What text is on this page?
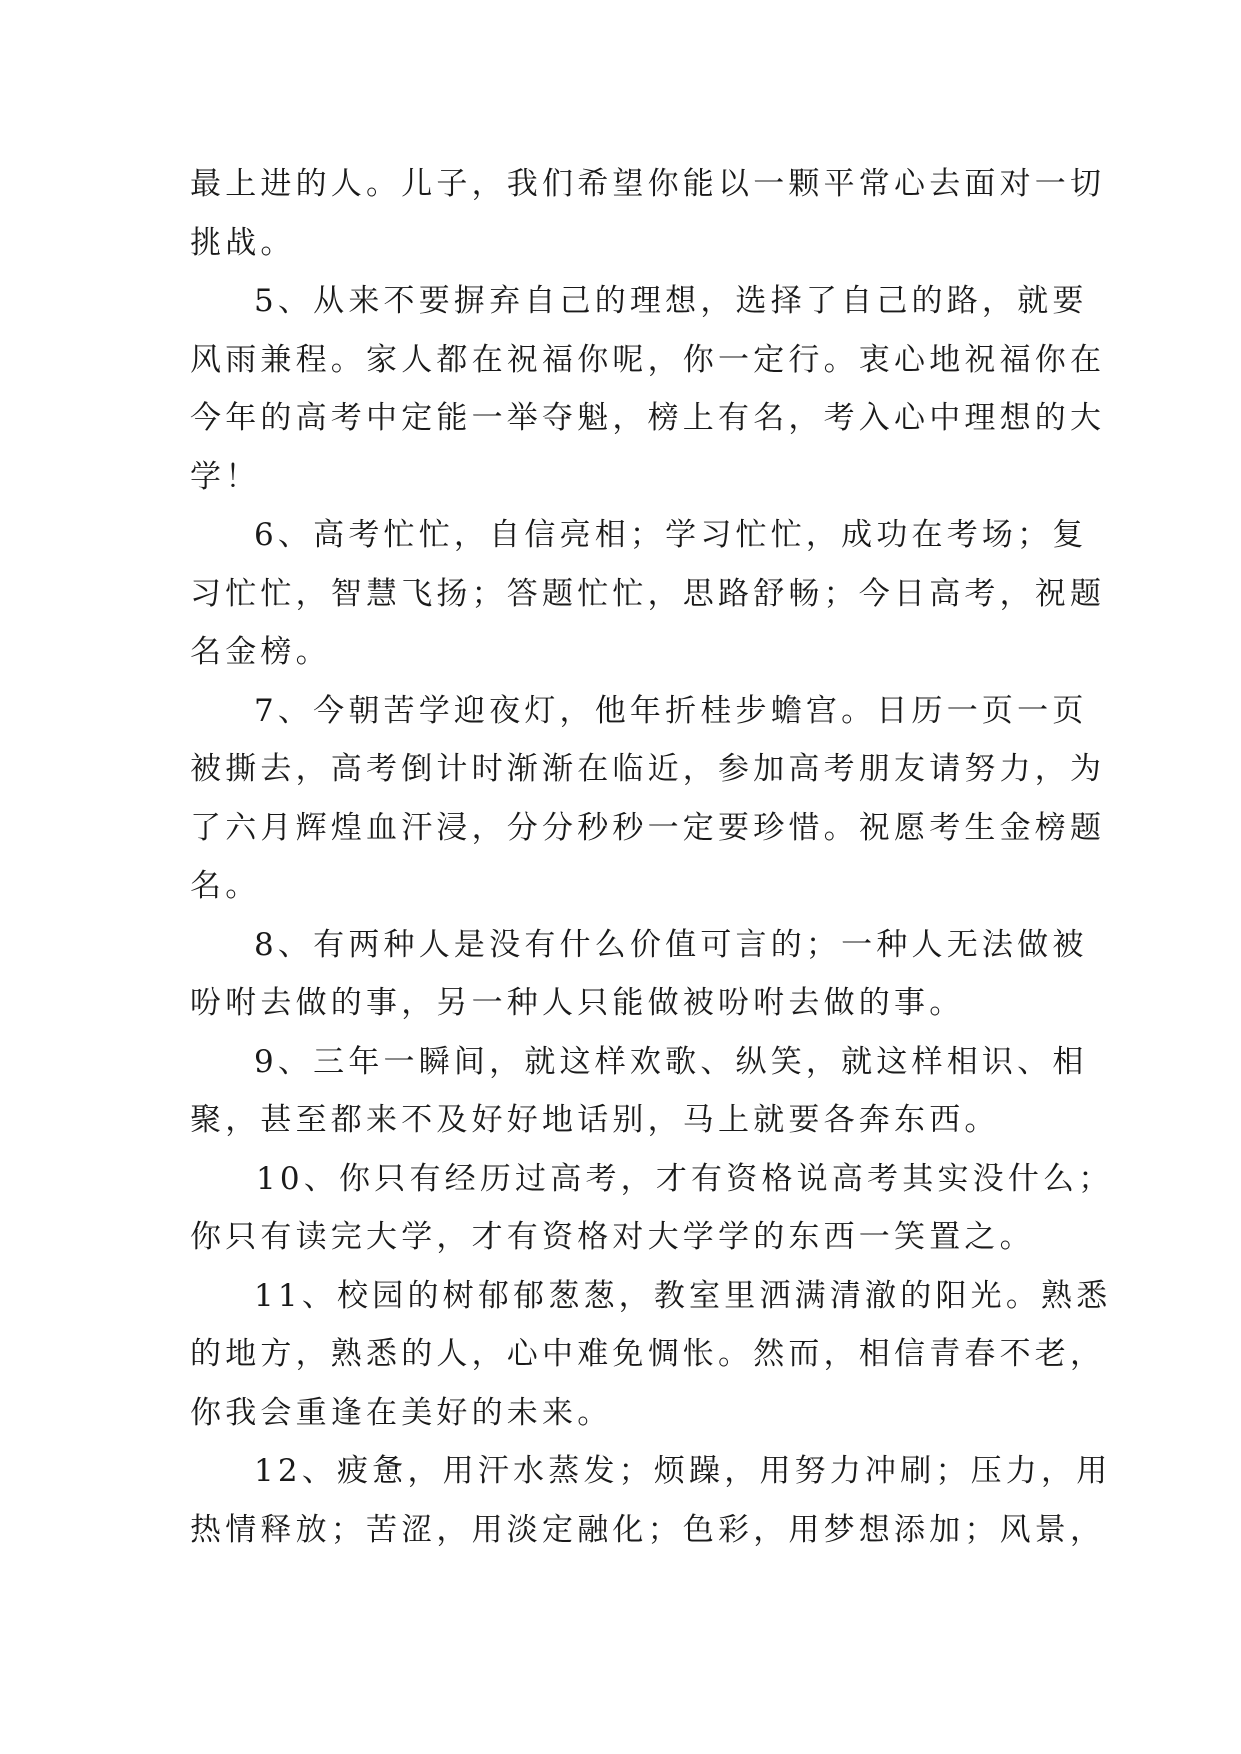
最上进的人。儿子，我们希望你能以一颗平常心去面对一切
挑战。
5、从来不要摒弃自己的理想，选择了自己的路，就要
风雨兼程。家人都在祝福你呢，你一定行。衷心地祝福你在
今年的高考中定能一举夺魁，榜上有名，考入心中理想的大
学！
6、高考忙忙，自信亮相；学习忙忙，成功在考场；复
习忙忙，智慧飞扬；答题忙忙，思路舒畅；今日高考，祝题
名金榜。
7、今朝苦学迎夜灯，他年折桂步蟾宫。日历一页一页
被撕去，高考倒计时渐渐在临近，参加高考朋友请努力，为
了六月辉煌血汗浸，分分秒秒一定要珍惜。祝愿考生金榜题
名。
8、有两种人是没有什么价值可言的；一种人无法做被
吩咐去做的事，另一种人只能做被吩咐去做的事。
9、三年一瞬间，就这样欢歌、纵笑，就这样相识、相
聚，甚至都来不及好好地话别，马上就要各奔东西。
10、你只有经历过高考，才有资格说高考其实没什么；
你只有读完大学，才有资格对大学学的东西一笑置之。
11、校园的树郁郁葱葱，教室里洒满清澈的阳光。熟悉
的地方，熟悉的人，心中难免惆怅。然而，相信青春不老，
你我会重逢在美好的未来。
12、疲惫，用汗水蒸发；烦躁，用努力冲刷；压力，用
热情释放；苦涩，用淡定融化；色彩，用梦想添加；风景，
